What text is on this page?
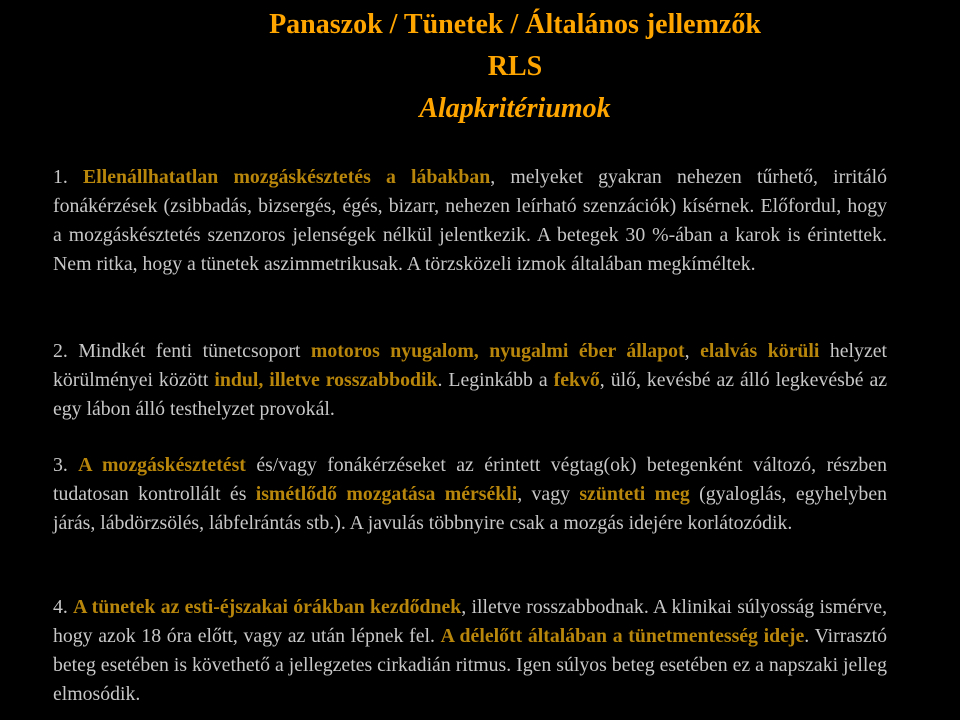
Panaszok / Tünetek / Általános jellemzők
RLS
Alapkritériumok
1. Ellenállhatatlan mozgáskésztetés a lábakban, melyeket gyakran nehezen tűrhető, irritáló fonákérzések (zsibbadás, bizsergés, égés, bizarr, nehezen leírható szenzációk) kísérnek. Előfordul, hogy a mozgáskésztetés szenzoros jelenségek nélkül jelentkezik. A betegek 30 %-ában a karok is érintettek. Nem ritka, hogy a tünetek aszimmetrikusak. A törzsközeli izmok általában megkíméltek.
2. Mindkét fenti tünetcsoport motoros nyugalom, nyugalmi éber állapot, elalvás körüli helyzet körülményei között indul, illetve rosszabbodik. Leginkább a fekvő, ülő, kevésbé az álló legkevésbé az egy lábon álló testhelyzet provokál.
3. A mozgáskésztetést és/vagy fonákérzéseket az érintett végtag(ok) betegenként változó, részben tudatosan kontrollált és ismétlődő mozgatása mérsékli, vagy szünteti meg (gyaloglás, egyhelyben járás, lábdörzsölés, lábfelrántás stb.). A javulás többnyire csak a mozgás idejére korlátozódik.
4. A tünetek az esti-éjszakai órákban kezdődnek, illetve rosszabbodnak. A klinikai súlyosság ismérve, hogy azok 18 óra előtt, vagy az után lépnek fel. A délelőtt általában a tünetmentesség ideje. Virrasztó beteg esetében is követhető a jellegzetes cirkadián ritmus. Igen súlyos beteg esetében ez a napszaki jelleg elmosódik.
